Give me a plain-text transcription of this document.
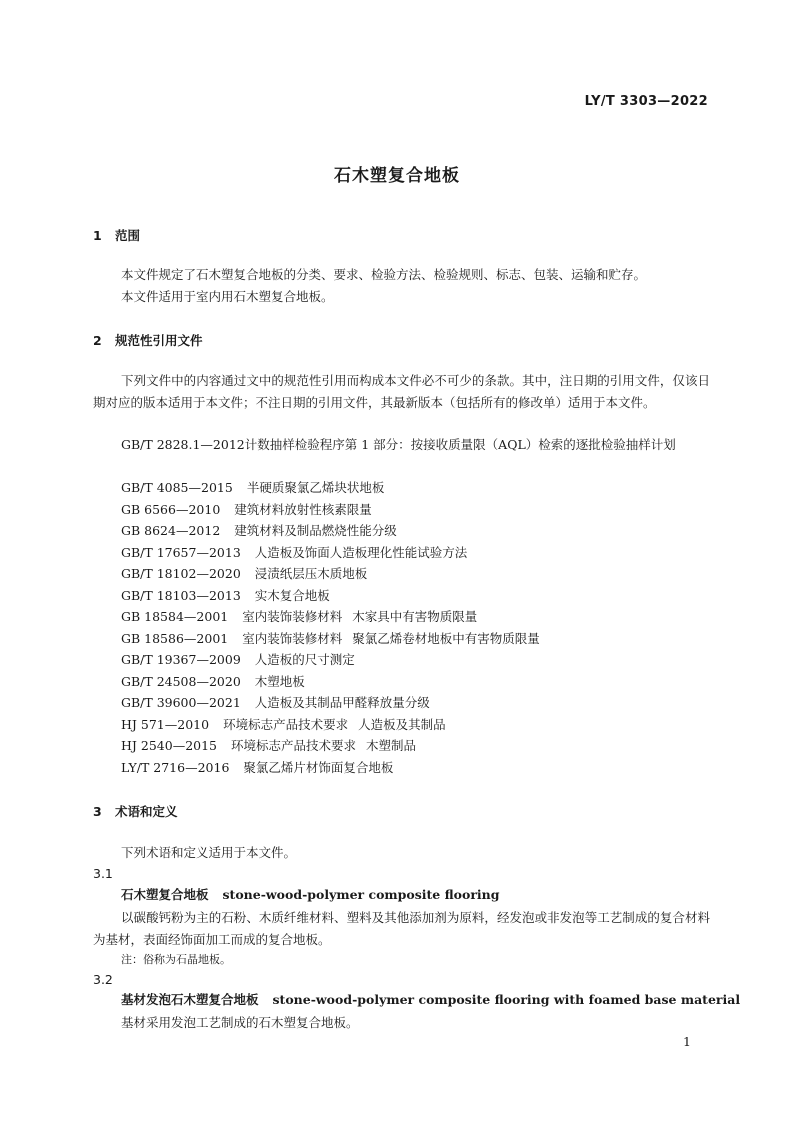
LY/T 3303—2022
石木塑复合地板
1 范围
本文件规定了石木塑复合地板的分类、要求、检验方法、检验规则、标志、包装、运输和贮存。
本文件适用于室内用石木塑复合地板。
2 规范性引用文件
下列文件中的内容通过文中的规范性引用而构成本文件必不可少的条款。其中，注日期的引用文件，仅该日期对应的版本适用于本文件；不注日期的引用文件，其最新版本（包括所有的修改单）适用于本文件。
GB/T 2828.1—2012计数抽样检验程序第 1 部分：按接收质量限（AQL）检索的逐批检验抽样计划
GB/T 4085—2015 半硬质聚氯乙烯块状地板
GB 6566—2010 建筑材料放射性核素限量
GB 8624—2012 建筑材料及制品燃烧性能分级
GB/T 17657—2013 人造板及饰面人造板理化性能试验方法
GB/T 18102—2020 浸渍纸层压木质地板
GB/T 18103—2013 实木复合地板
GB 18584—2001 室内装饰装修材料 木家具中有害物质限量
GB 18586—2001 室内装饰装修材料 聚氯乙烯卷材地板中有害物质限量
GB/T 19367—2009 人造板的尺寸测定
GB/T 24508—2020 木塑地板
GB/T 39600—2021 人造板及其制品甲醛释放量分级
HJ 571—2010 环境标志产品技术要求 人造板及其制品
HJ 2540—2015 环境标志产品技术要求 木塑制品
LY/T 2716—2016 聚氯乙烯片材饰面复合地板
3 术语和定义
下列术语和定义适用于本文件。
3.1
石木塑复合地板 stone-wood-polymer composite flooring
以碳酸钙粉为主的石粉、木质纤维材料、塑料及其他添加剂为原料，经发泡或非发泡等工艺制成的复合材料为基材，表面经饰面加工而成的复合地板。
注：俗称为石晶地板。
3.2
基材发泡石木塑复合地板 stone-wood-polymer composite flooring with foamed base material
基材采用发泡工艺制成的石木塑复合地板。
1
